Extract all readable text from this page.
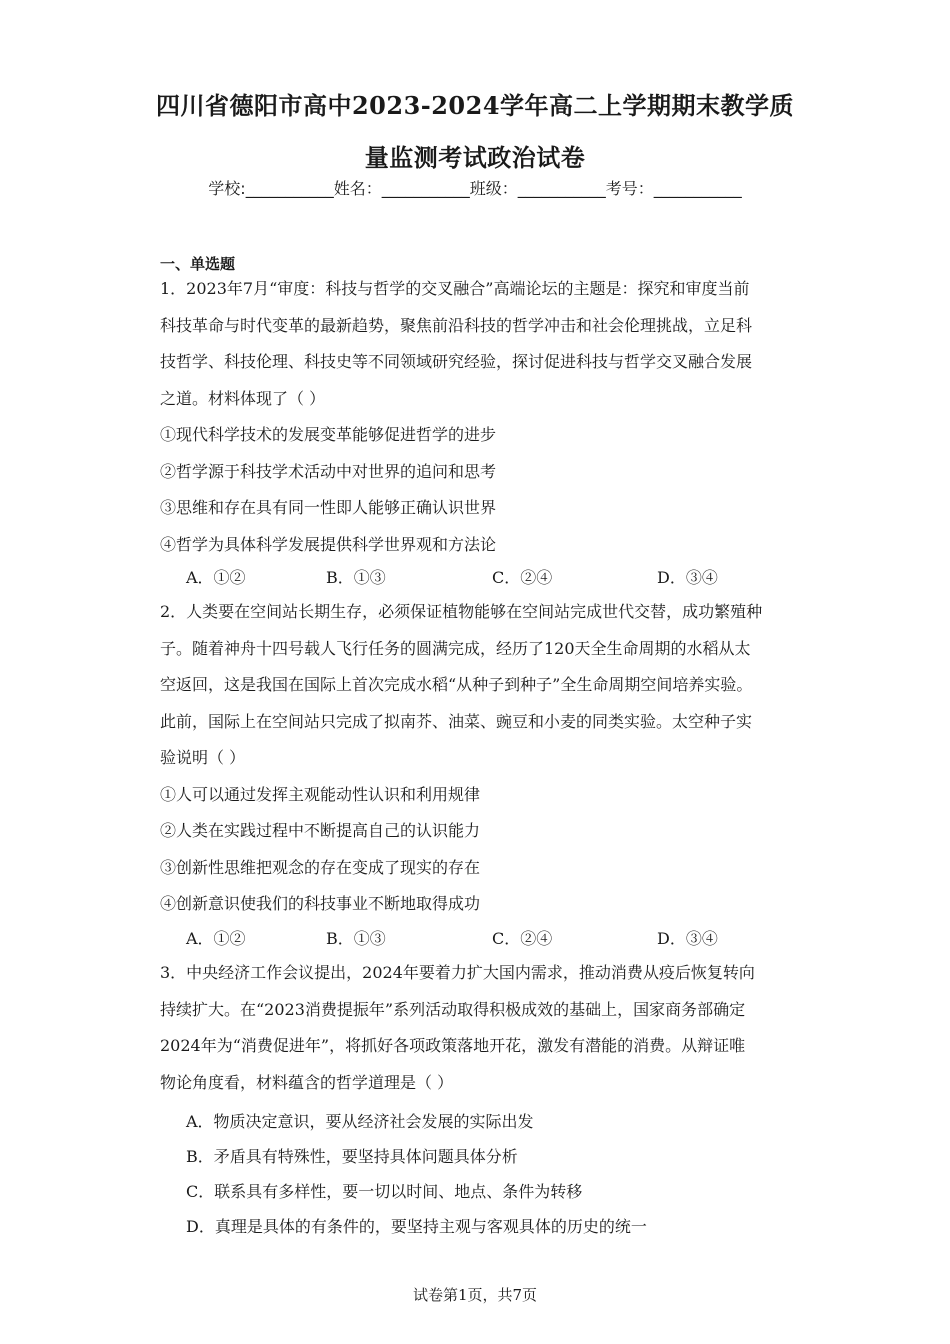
四川省德阳市高中2023-2024学年高二上学期期末教学质
量监测考试政治试卷
学校:___________姓名：___________班级：___________考号：___________
一、单选题

1．2023年7月“审度：科技与哲学的交叉融合”高端论坛的主题是：探究和审度当前

科技革命与时代变革的最新趋势，聚焦前沿科技的哲学冲击和社会伦理挑战，立足科

技哲学、科技伦理、科技史等不同领域研究经验，探讨促进科技与哲学交叉融合发展

之道。材料体现了（ ）

①现代科学技术的发展变革能够促进哲学的进步

②哲学源于科技学术活动中对世界的追问和思考

③思维和存在具有同一性即人能够正确认识世界

④哲学为具体科学发展提供科学世界观和方法论

A．①②	B．①③	C．②④	D．③④

2．人类要在空间站长期生存，必须保证植物能够在空间站完成世代交替，成功繁殖种

子。随着神舟十四号载人飞行任务的圆满完成，经历了120天全生命周期的水稻从太

空返回，这是我国在国际上首次完成水稻“从种子到种子”全生命周期空间培养实验。

此前，国际上在空间站只完成了拟南芥、油菜、豌豆和小麦的同类实验。太空种子实

验说明（ ）

①人可以通过发挥主观能动性认识和利用规律

②人类在实践过程中不断提高自己的认识能力

③创新性思维把观念的存在变成了现实的存在

④创新意识使我们的科技事业不断地取得成功

A．①②	B．①③	C．②④	D．③④

3．中央经济工作会议提出，2024年要着力扩大国内需求，推动消费从疫后恢复转向

持续扩大。在“2023消费提振年”系列活动取得积极成效的基础上，国家商务部确定

2024年为“消费促进年”，将抓好各项政策落地开花，激发有潜能的消费。从辩证唯

物论角度看，材料蕴含的哲学道理是（ ）

A．物质决定意识，要从经济社会发展的实际出发
B．矛盾具有特殊性，要坚持具体问题具体分析
C．联系具有多样性，要一切以时间、地点、条件为转移
D．真理是具体的有条件的，要坚持主观与客观具体的历史的统一
试卷第1页，共7页
